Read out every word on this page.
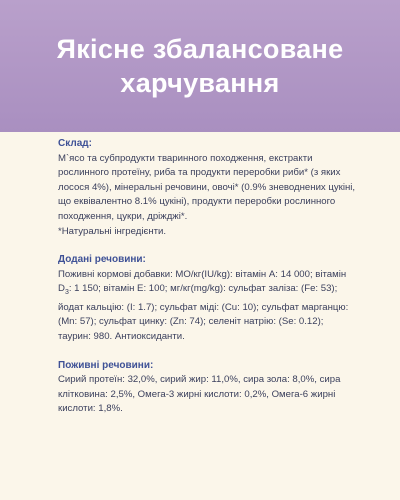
Якісне збалансоване
харчування
Склад:
М`ясо та субпродукти тваринного походження, екстракти рослинного протеїну, риба та продукти переробки риби* (з яких лосося 4%), мінеральні речовини, овочі* (0.9% зневоднених цукіні, що еквівалентно 8.1% цукіні), продукти переробки рослинного походження, цукри, дріжджі*.
*Натуральні інгредієнти.
Додані речовини:
Поживні кормові добавки: МО/кг(IU/kg): вітамін А: 14 000; вітамін $D_3$: 1 150; вітамін Е: 100; мг/кг(mg/kg): сульфат заліза: (Fe: 53); йодат кальцію: (I: 1.7); сульфат міді: (Cu: 10); сульфат марганцю: (Mn: 57); сульфат цинку: (Zn: 74); селеніт натрію: (Se: 0.12); таурин: 980. Антиоксиданти.
Поживні речовини:
Сирий протеїн: 32,0%, сирий жир: 11,0%, сира зола: 8,0%, сира клітковина: 2,5%, Омега-3 жирні кислоти: 0,2%, Омега-6 жирні кислоти: 1,8%.
